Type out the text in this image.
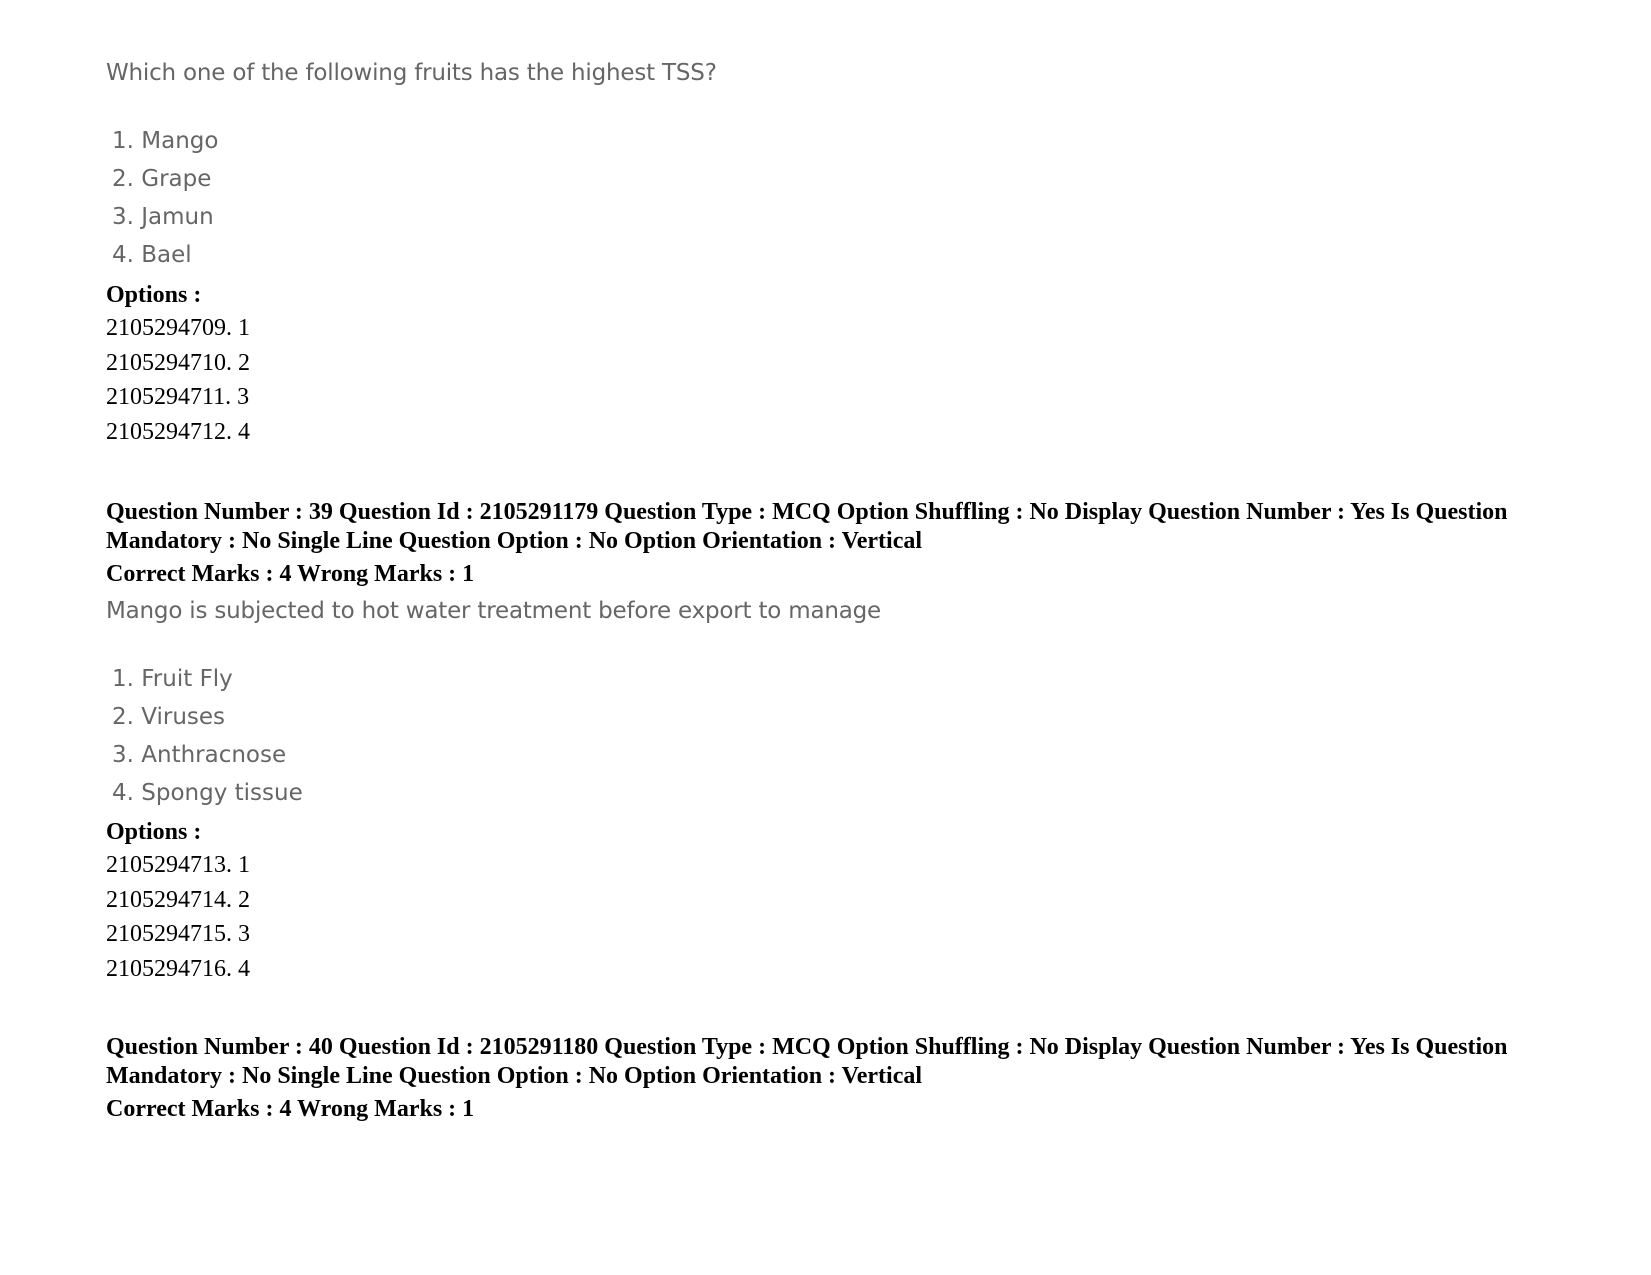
Which one of the following fruits has the highest TSS?
1. Mango
2. Grape
3. Jamun
4. Bael
Options :
2105294709. 1
2105294710. 2
2105294711. 3
2105294712. 4
Question Number : 39 Question Id : 2105291179 Question Type : MCQ Option Shuffling : No Display Question Number : Yes Is Question Mandatory : No Single Line Question Option : No Option Orientation : Vertical
Correct Marks : 4 Wrong Marks : 1
Mango is subjected to hot water treatment before export to manage
1. Fruit Fly
2. Viruses
3. Anthracnose
4. Spongy tissue
Options :
2105294713. 1
2105294714. 2
2105294715. 3
2105294716. 4
Question Number : 40 Question Id : 2105291180 Question Type : MCQ Option Shuffling : No Display Question Number : Yes Is Question Mandatory : No Single Line Question Option : No Option Orientation : Vertical
Correct Marks : 4 Wrong Marks : 1
